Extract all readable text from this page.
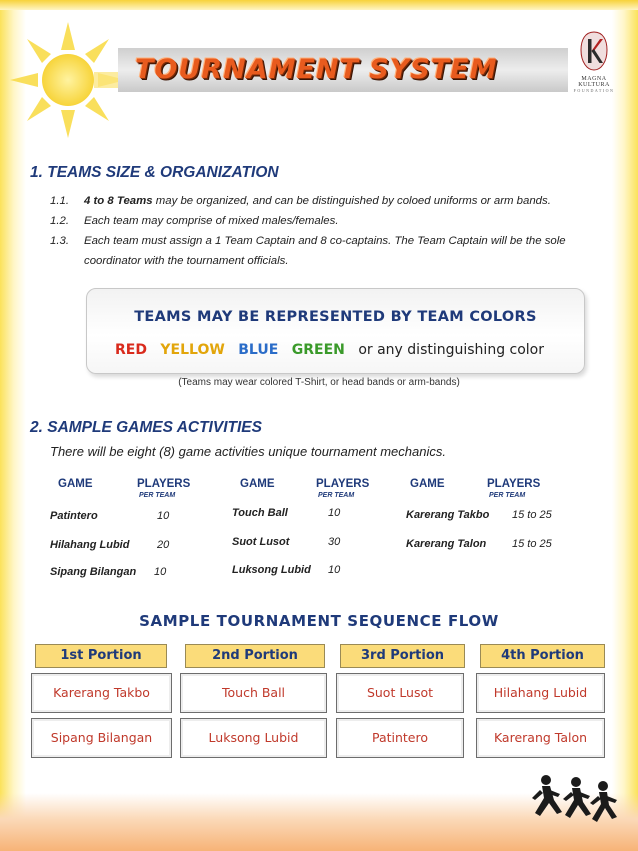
TOURNAMENT SYSTEM	MAGNA KULTURA
FOUNDATION
1. TEAMS SIZE & ORGANIZATION
1.1.	4 to 8 Teams may be organized, and can be distinguished by coloed uniforms or arm bands.
1.2.	Each team may comprise of mixed males/females.
1.3.	Each team must assign a 1 Team Captain and 8 co-captains. The Team Captain will be the sole coordinator with the tournament officials.
TEAMS MAY BE REPRESENTED BY TEAM COLORS
RED YELLOW BLUE GREEN or any distinguishing color
(Teams may wear colored T-Shirt, or head bands or arm-bands)
2. SAMPLE GAMES ACTIVITIES
There will be eight (8) game activities unique tournament mechanics.
GAME	PLAYERS
PER TEAM
Patintero	10
Hilahang Lubid	20
Sipang Bilangan 10
GAME	PLAYERS
PER TEAM
Touch Ball	10
Suot Lusot	30
Luksong Lubid 10
GAME	PLAYERS
PER TEAM
Karerang Takbo 15 to 25
Karerang Talon 15 to 25
SAMPLE TOURNAMENT SEQUENCE FLOW
1st Portion	2nd Portion	3rd Portion	4th Portion
Karerang Takbo	Touch Ball	Suot Lusot	Hilahang Lubid
Sipang Bilangan	Luksong Lubid	Patintero	Karerang Talon
